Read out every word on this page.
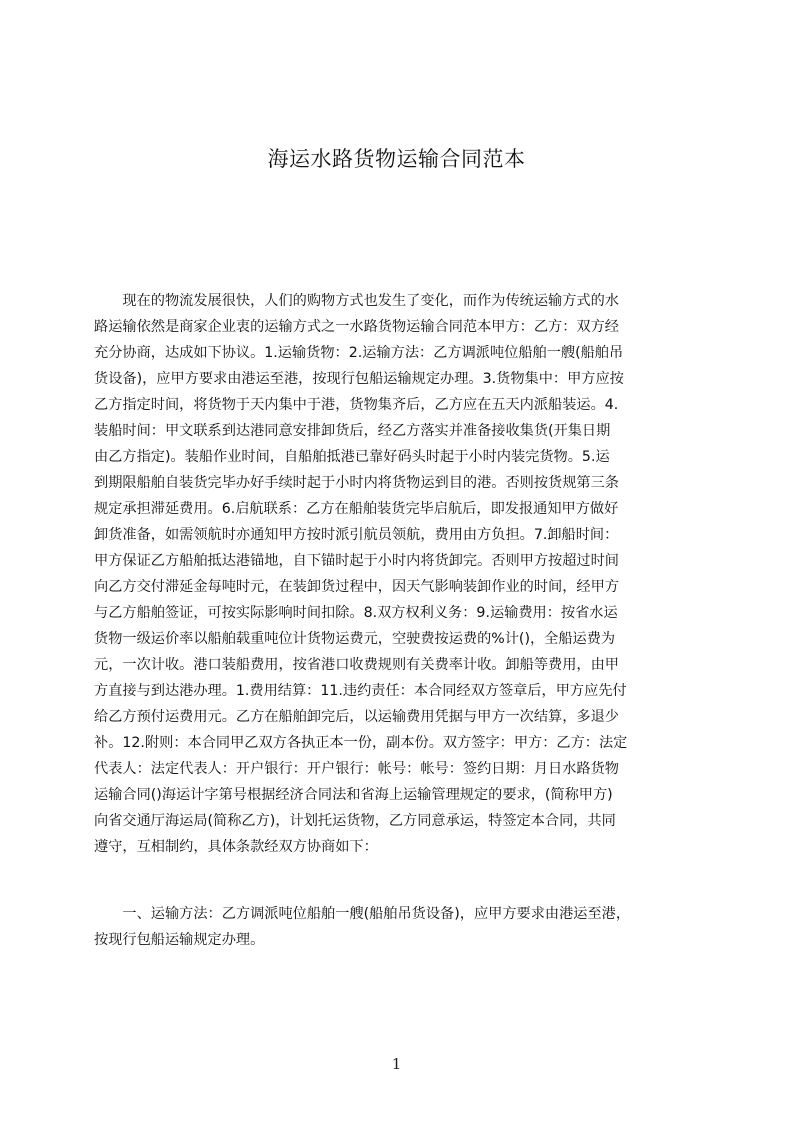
海运水路货物运输合同范本
　　现在的物流发展很快，人们的购物方式也发生了变化，而作为传统运输方式的水
路运输依然是商家企业衷的运输方式之一水路货物运输合同范本甲方：乙方：双方经
充分协商，达成如下协议。1.运输货物：2.运输方法：乙方调派吨位船舶一艘(船舶吊
货设备)，应甲方要求由港运至港，按现行包船运输规定办理。3.货物集中：甲方应按
乙方指定时间，将货物于天内集中于港，货物集齐后，乙方应在五天内派船装运。4.
装船时间：甲文联系到达港同意安排卸货后，经乙方落实并准备接收集货(开集日期
由乙方指定)。装船作业时间，自船舶抵港已靠好码头时起于小时内装完货物。5.运
到期限船舶自装货完毕办好手续时起于小时内将货物运到目的港。否则按货规第三条
规定承担滞延费用。6.启航联系：乙方在船舶装货完毕启航后，即发报通知甲方做好
卸货准备，如需领航时亦通知甲方按时派引航员领航，费用由方负担。7.卸船时间：
甲方保证乙方船舶抵达港锚地，自下锚时起于小时内将货卸完。否则甲方按超过时间
向乙方交付滞延金每吨时元，在装卸货过程中，因天气影响装卸作业的时间，经甲方
与乙方船舶签证，可按实际影响时间扣除。8.双方权利义务：9.运输费用：按省水运
货物一级运价率以船舶载重吨位计货物运费元，空驶费按运费的%计()，全船运费为
元，一次计收。港口装船费用，按省港口收费规则有关费率计收。卸船等费用，由甲
方直接与到达港办理。1.费用结算：11.违约责任：本合同经双方签章后，甲方应先付
给乙方预付运费用元。乙方在船舶卸完后，以运输费用凭据与甲方一次结算，多退少
补。12.附则：本合同甲乙双方各执正本一份，副本份。双方签字：甲方：乙方：法定
代表人：法定代表人：开户银行：开户银行：帐号：帐号：签约日期：月日水路货物
运输合同()海运计字第号根据经济合同法和省海上运输管理规定的要求，(简称甲方)
向省交通厅海运局(简称乙方)，计划托运货物，乙方同意承运，特签定本合同，共同
遵守，互相制约，具体条款经双方协商如下：
　　一、运输方法：乙方调派吨位船舶一艘(船舶吊货设备)，应甲方要求由港运至港，
按现行包船运输规定办理。
1
